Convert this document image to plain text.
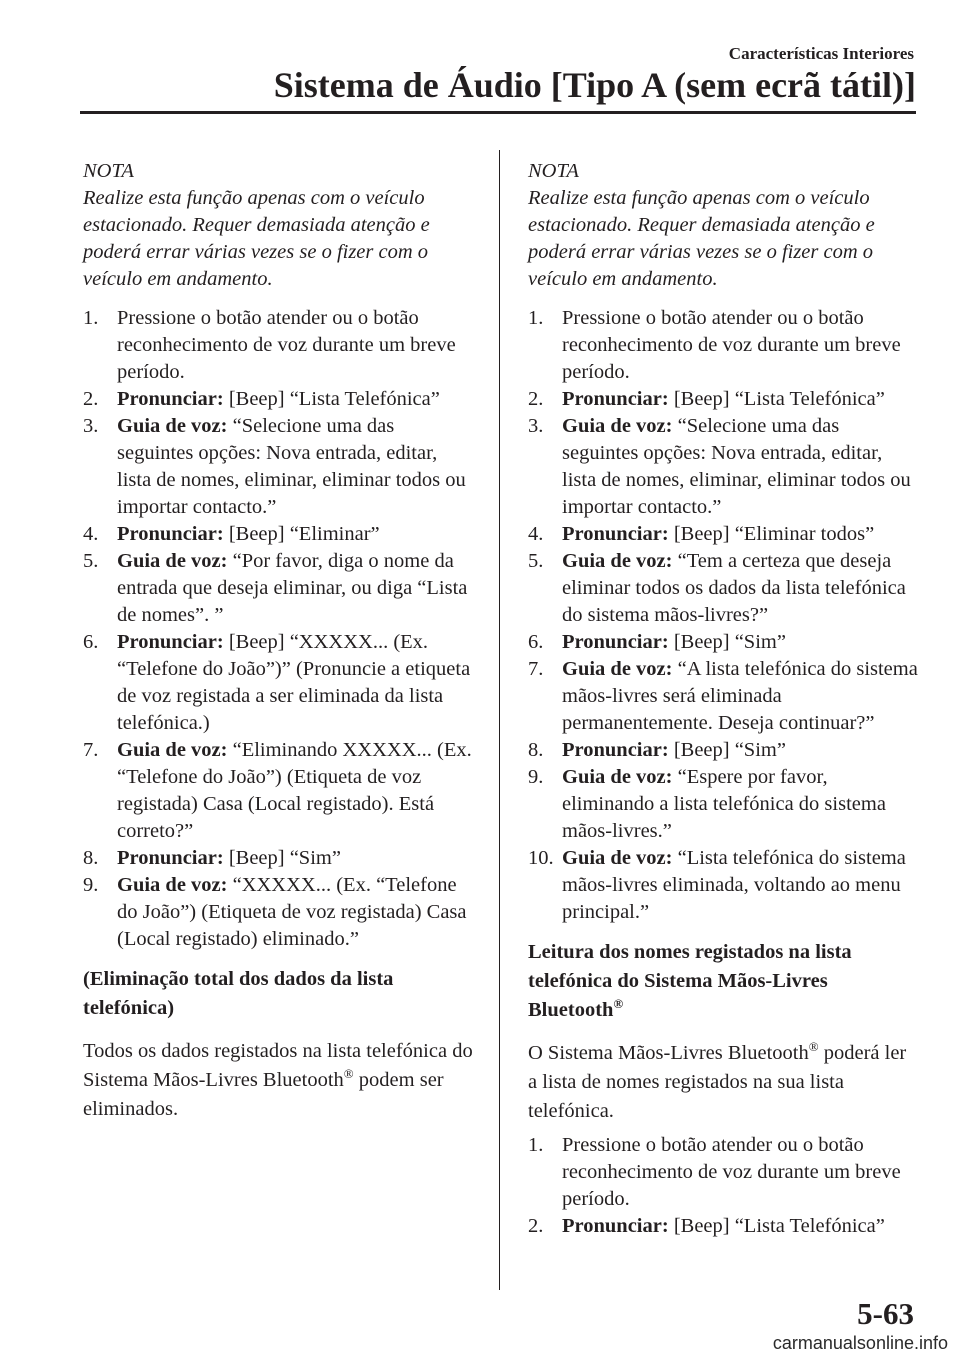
Características Interiores
Sistema de Áudio [Tipo A (sem ecrã tátil)]

NOTA

Realize esta função apenas com o veículo estacionado. Requer demasiada atenção e poderá errar várias vezes se o fizer com o veículo em andamento.

1. Pressione o botão atender ou o botão reconhecimento de voz durante um breve período.
2. Pronunciar: [Beep] “Lista Telefónica”
3. Guia de voz: “Selecione uma das seguintes opções: Nova entrada, editar, lista de nomes, eliminar, eliminar todos ou importar contacto.”
4. Pronunciar: [Beep] “Eliminar”
5. Guia de voz: “Por favor, diga o nome da entrada que deseja eliminar, ou diga “Lista de nomes”. ”
6. Pronunciar: [Beep] “XXXXX... (Ex. “Telefone do João”)” (Pronuncie a etiqueta de voz registada a ser eliminada da lista telefónica.)
7. Guia de voz: “Eliminando XXXXX... (Ex. “Telefone do João”) (Etiqueta de voz registada) Casa (Local registado). Está correto?”
8. Pronunciar: [Beep] “Sim”
9. Guia de voz: “XXXXX... (Ex. “Telefone do João”) (Etiqueta de voz registada) Casa (Local registado) eliminado.”

(Eliminação total dos dados da lista telefónica)

Todos os dados registados na lista telefónica do Sistema Mãos-Livres Bluetooth® podem ser eliminados.

NOTA

Realize esta função apenas com o veículo estacionado. Requer demasiada atenção e poderá errar várias vezes se o fizer com o veículo em andamento.

1. Pressione o botão atender ou o botão reconhecimento de voz durante um breve período.
2. Pronunciar: [Beep] “Lista Telefónica”
3. Guia de voz: “Selecione uma das seguintes opções: Nova entrada, editar, lista de nomes, eliminar, eliminar todos ou importar contacto.”
4. Pronunciar: [Beep] “Eliminar todos”
5. Guia de voz: “Tem a certeza que deseja eliminar todos os dados da lista telefónica do sistema mãos-livres?”
6. Pronunciar: [Beep] “Sim”
7. Guia de voz: “A lista telefónica do sistema mãos-livres será eliminada permanentemente. Deseja continuar?”
8. Pronunciar: [Beep] “Sim”
9. Guia de voz: “Espere por favor, eliminando a lista telefónica do sistema mãos-livres.”
10. Guia de voz: “Lista telefónica do sistema mãos-livres eliminada, voltando ao menu principal.”

Leitura dos nomes registados na lista telefónica do Sistema Mãos-Livres Bluetooth®

O Sistema Mãos-Livres Bluetooth® poderá ler a lista de nomes registados na sua lista telefónica.

1. Pressione o botão atender ou o botão reconhecimento de voz durante um breve período.
2. Pronunciar: [Beep] “Lista Telefónica”
5-63
carmanualsonline.info
